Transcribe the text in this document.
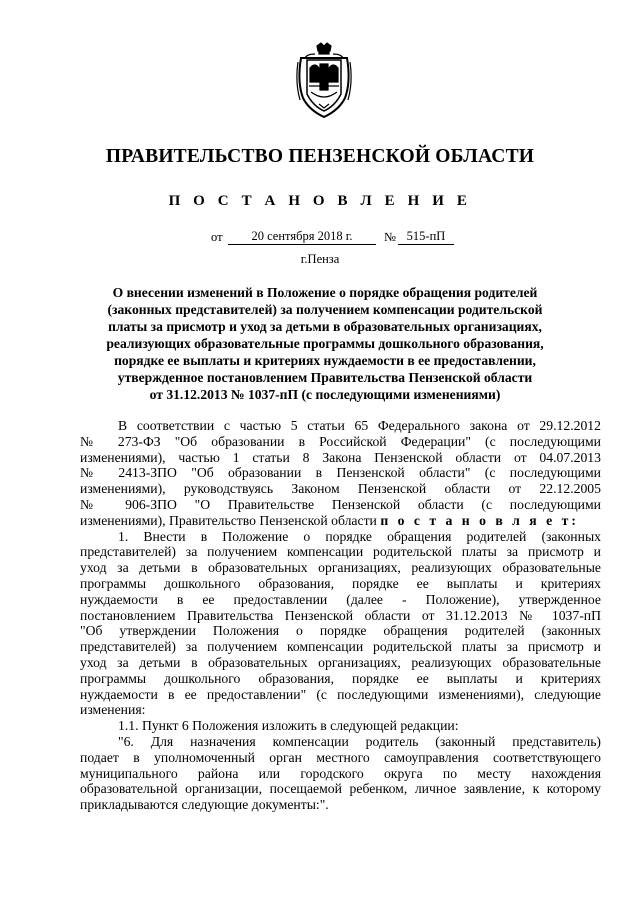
ПРАВИТЕЛЬСТВО ПЕНЗЕНСКОЙ ОБЛАСТИ
П О С Т А Н О В Л Е Н И Е
от	20 сентября 2018 г.	№ 515-пП
г.Пенза
О внесении изменений в Положение о порядке обращения родителей
(законных представителей) за получением компенсации родительской
платы за присмотр и уход за детьми в образовательных организациях,
реализующих образовательные программы дошкольного образования,
порядке ее выплаты и критериях нуждаемости в ее предоставлении,
утвержденное постановлением Правительства Пензенской области
от 31.12.2013 № 1037-пП (с последующими изменениями)
В соответствии с частью 5 статьи 65 Федерального закона от 29.12.2012
№ 273-ФЗ "Об образовании в Российской Федерации" (с последующими
изменениями), частью 1 статьи 8 Закона Пензенской области от 04.07.2013
№ 2413-ЗПО "Об образовании в Пензенской области" (с последующими
изменениями), руководствуясь Законом Пензенской области от 22.12.2005
№ 906-ЗПО "О Правительстве Пензенской области (с последующими
изменениями), Правительство Пензенской области п о с т а н о в л я е т:
1. Внести в Положение о порядке обращения родителей (законных
представителей) за получением компенсации родительской платы за присмотр и
уход за детьми в образовательных организациях, реализующих образовательные
программы дошкольного образования, порядке ее выплаты и критериях
нуждаемости в ее предоставлении (далее - Положение), утвержденное
постановлением Правительства Пензенской области от 31.12.2013 № 1037-пП
"Об утверждении Положения о порядке обращения родителей (законных
представителей) за получением компенсации родительской платы за присмотр и
уход за детьми в образовательных организациях, реализующих образовательные
программы дошкольного образования, порядке ее выплаты и критериях
нуждаемости в ее предоставлении" (с последующими изменениями), следующие
изменения:
1.1. Пункт 6 Положения изложить в следующей редакции:
"6. Для назначения компенсации родитель (законный представитель)
подает в уполномоченный орган местного самоуправления соответствующего
муниципального района или городского округа по месту нахождения
образовательной организации, посещаемой ребенком, личное заявление, к которому
прикладываются следующие документы:".
